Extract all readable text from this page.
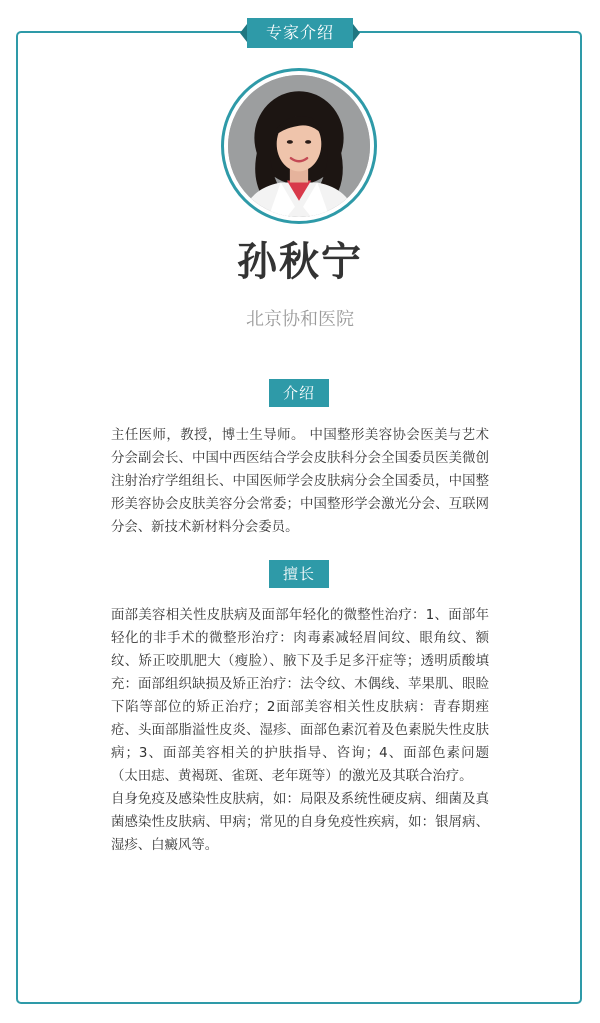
专家介绍
孙秋宁
北京协和医院
介绍

主任医师，教授，博士生导师。 中国整形美容协会医美与艺术分会副会长、中国中西医结合学会皮肤科分会全国委员医美微创注射治疗学组组长、中国医师学会皮肤病分会全国委员，中国整形美容协会皮肤美容分会常委；中国整形学会激光分会、互联网分会、新技术新材料分会委员。

擅长
面部美容相关性皮肤病及面部年轻化的微整性治疗：1、面部年轻化的非手术的微整形治疗：肉毒素减轻眉间纹、眼角纹、额纹、矫正咬肌肥大（瘦脸）、腋下及手足多汗症等；透明质酸填充：面部组织缺损及矫正治疗：法令纹、木偶线、苹果肌、眼睑下陷等部位的矫正治疗；2面部美容相关性皮肤病：青春期痤疮、头面部脂溢性皮炎、湿疹、面部色素沉着及色素脱失性皮肤病；3、面部美容相关的护肤指导、咨询；4、面部色素问题（太田痣、黄褐斑、雀斑、老年斑等）的激光及其联合治疗。
自身免疫及感染性皮肤病，如：局限及系统性硬皮病、细菌及真菌感染性皮肤病、甲病；常见的自身免疫性疾病，如：银屑病、湿疹、白癜风等。
